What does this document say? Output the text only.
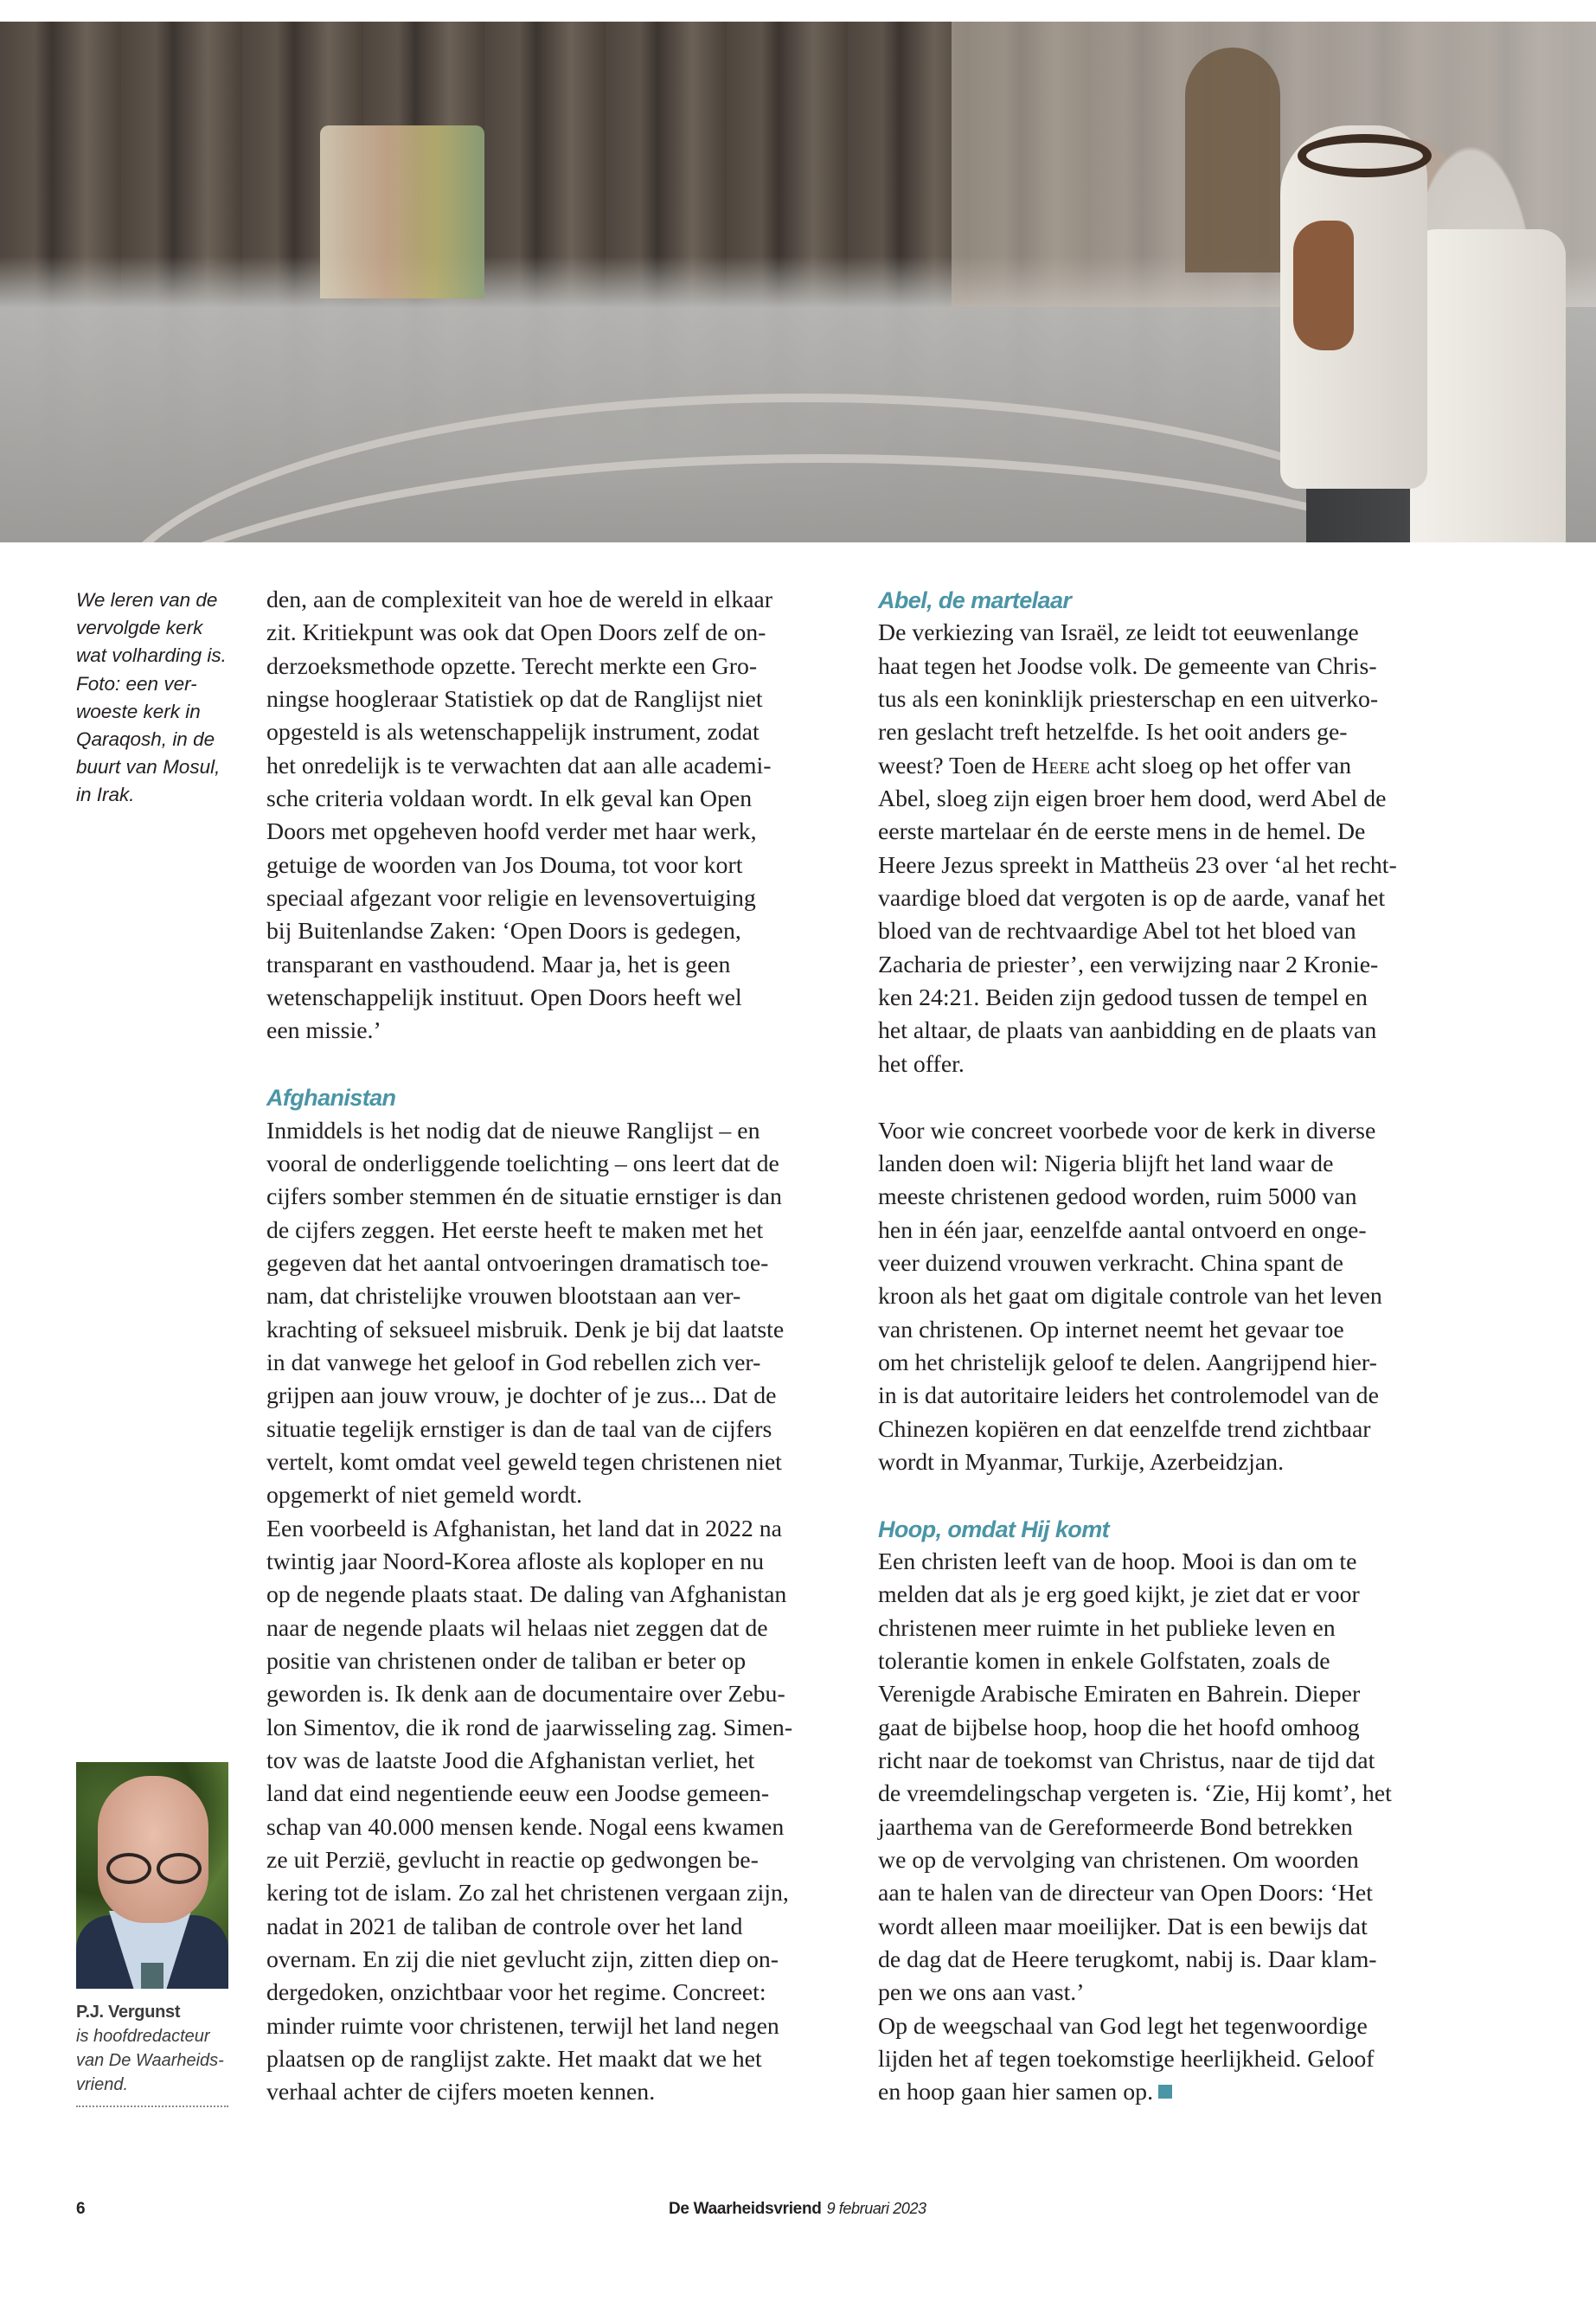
We leren van de
vervolgde kerk
wat volharding is.
Foto: een ver-
woeste kerk in
Qaraqosh, in de
buurt van Mosul,
in Irak.

den, aan de complexiteit van hoe de wereld in elkaar

zit. Kritiekpunt was ook dat Open Doors zelf de on-

derzoeksmethode opzette. Terecht merkte een Gro-

ningse hoogleraar Statistiek op dat de Ranglijst niet

opgesteld is als wetenschappelijk instrument, zodat

het onredelijk is te verwachten dat aan alle academi-

sche criteria voldaan wordt. In elk geval kan Open

Doors met opgeheven hoofd verder met haar werk,

getuige de woorden van Jos Douma, tot voor kort

speciaal afgezant voor religie en levensovertuiging

bij Buitenlandse Zaken: ‘Open Doors is gedegen,

transparant en vasthoudend. Maar ja, het is geen

wetenschappelijk instituut. Open Doors heeft wel

een missie.’

Afghanistan

Inmiddels is het nodig dat de nieuwe Ranglijst – en

vooral de onderliggende toelichting – ons leert dat de

cijfers somber stemmen én de situatie ernstiger is dan

de cijfers zeggen. Het eerste heeft te maken met het

gegeven dat het aantal ontvoeringen dramatisch toe-

nam, dat christelijke vrouwen blootstaan aan ver-

krachting of seksueel misbruik. Denk je bij dat laatste

in dat vanwege het geloof in God rebellen zich ver-

grijpen aan jouw vrouw, je dochter of je zus... Dat de

situatie tegelijk ernstiger is dan de taal van de cijfers

vertelt, komt omdat veel geweld tegen christenen niet

opgemerkt of niet gemeld wordt.

Een voorbeeld is Afghanistan, het land dat in 2022 na

twintig jaar Noord-Korea afloste als koploper en nu

op de negende plaats staat. De daling van Afghanistan

naar de negende plaats wil helaas niet zeggen dat de

positie van christenen onder de taliban er beter op

geworden is. Ik denk aan de documentaire over Zebu-

lon Simentov, die ik rond de jaarwisseling zag. Simen-

tov was de laatste Jood die Afghanistan verliet, het

land dat eind negentiende eeuw een Joodse gemeen-

schap van 40.000 mensen kende. Nogal eens kwamen

ze uit Perzië, gevlucht in reactie op gedwongen be-

kering tot de islam. Zo zal het christenen vergaan zijn,

nadat in 2021 de taliban de controle over het land

overnam. En zij die niet gevlucht zijn, zitten diep on-

dergedoken, onzichtbaar voor het regime. Concreet:

minder ruimte voor christenen, terwijl het land negen

plaatsen op de ranglijst zakte. Het maakt dat we het

verhaal achter de cijfers moeten kennen.

Abel, de martelaar

De verkiezing van Israël, ze leidt tot eeuwenlange

haat tegen het Joodse volk. De gemeente van Chris-

tus als een koninklijk priesterschap en een uitverko-

ren geslacht treft hetzelfde. Is het ooit anders ge-

weest? Toen de Heere acht sloeg op het offer van

Abel, sloeg zijn eigen broer hem dood, werd Abel de

eerste martelaar én de eerste mens in de hemel. De

Heere Jezus spreekt in Mattheüs 23 over ‘al het recht-

vaardige bloed dat vergoten is op de aarde, vanaf het

bloed van de rechtvaardige Abel tot het bloed van

Zacharia de priester’, een verwijzing naar 2 Kronie-

ken 24:21. Beiden zijn gedood tussen de tempel en

het altaar, de plaats van aanbidding en de plaats van

het offer.

Voor wie concreet voorbede voor de kerk in diverse

landen doen wil: Nigeria blijft het land waar de

meeste christenen gedood worden, ruim 5000 van

hen in één jaar, eenzelfde aantal ontvoerd en onge-

veer duizend vrouwen verkracht. China spant de

kroon als het gaat om digitale controle van het leven

van christenen. Op internet neemt het gevaar toe

om het christelijk geloof te delen. Aangrijpend hier-

in is dat autoritaire leiders het controlemodel van de

Chinezen kopiëren en dat eenzelfde trend zichtbaar

wordt in Myanmar, Turkije, Azerbeidzjan.

Hoop, omdat Hij komt

Een christen leeft van de hoop. Mooi is dan om te

melden dat als je erg goed kijkt, je ziet dat er voor

christenen meer ruimte in het publieke leven en

tolerantie komen in enkele Golfstaten, zoals de

Verenigde Arabische Emiraten en Bahrein. Dieper

gaat de bijbelse hoop, hoop die het hoofd omhoog

richt naar de toekomst van Christus, naar de tijd dat

de vreemdelingschap vergeten is. ‘Zie, Hij komt’, het

jaarthema van de Gereformeerde Bond betrekken

we op de vervolging van christenen. Om woorden

aan te halen van de directeur van Open Doors: ‘Het

wordt alleen maar moeilijker. Dat is een bewijs dat

de dag dat de Heere terugkomt, nabij is. Daar klam-

pen we ons aan vast.’

Op de weegschaal van God legt het tegenwoordige

lijden het af tegen toekomstige heerlijkheid. Geloof

en hoop gaan hier samen op.

P.J. Vergunst
is hoofdredacteur
van De Waarheids-
vriend.
6	De Waarheidsvriend 9 februari 2023
